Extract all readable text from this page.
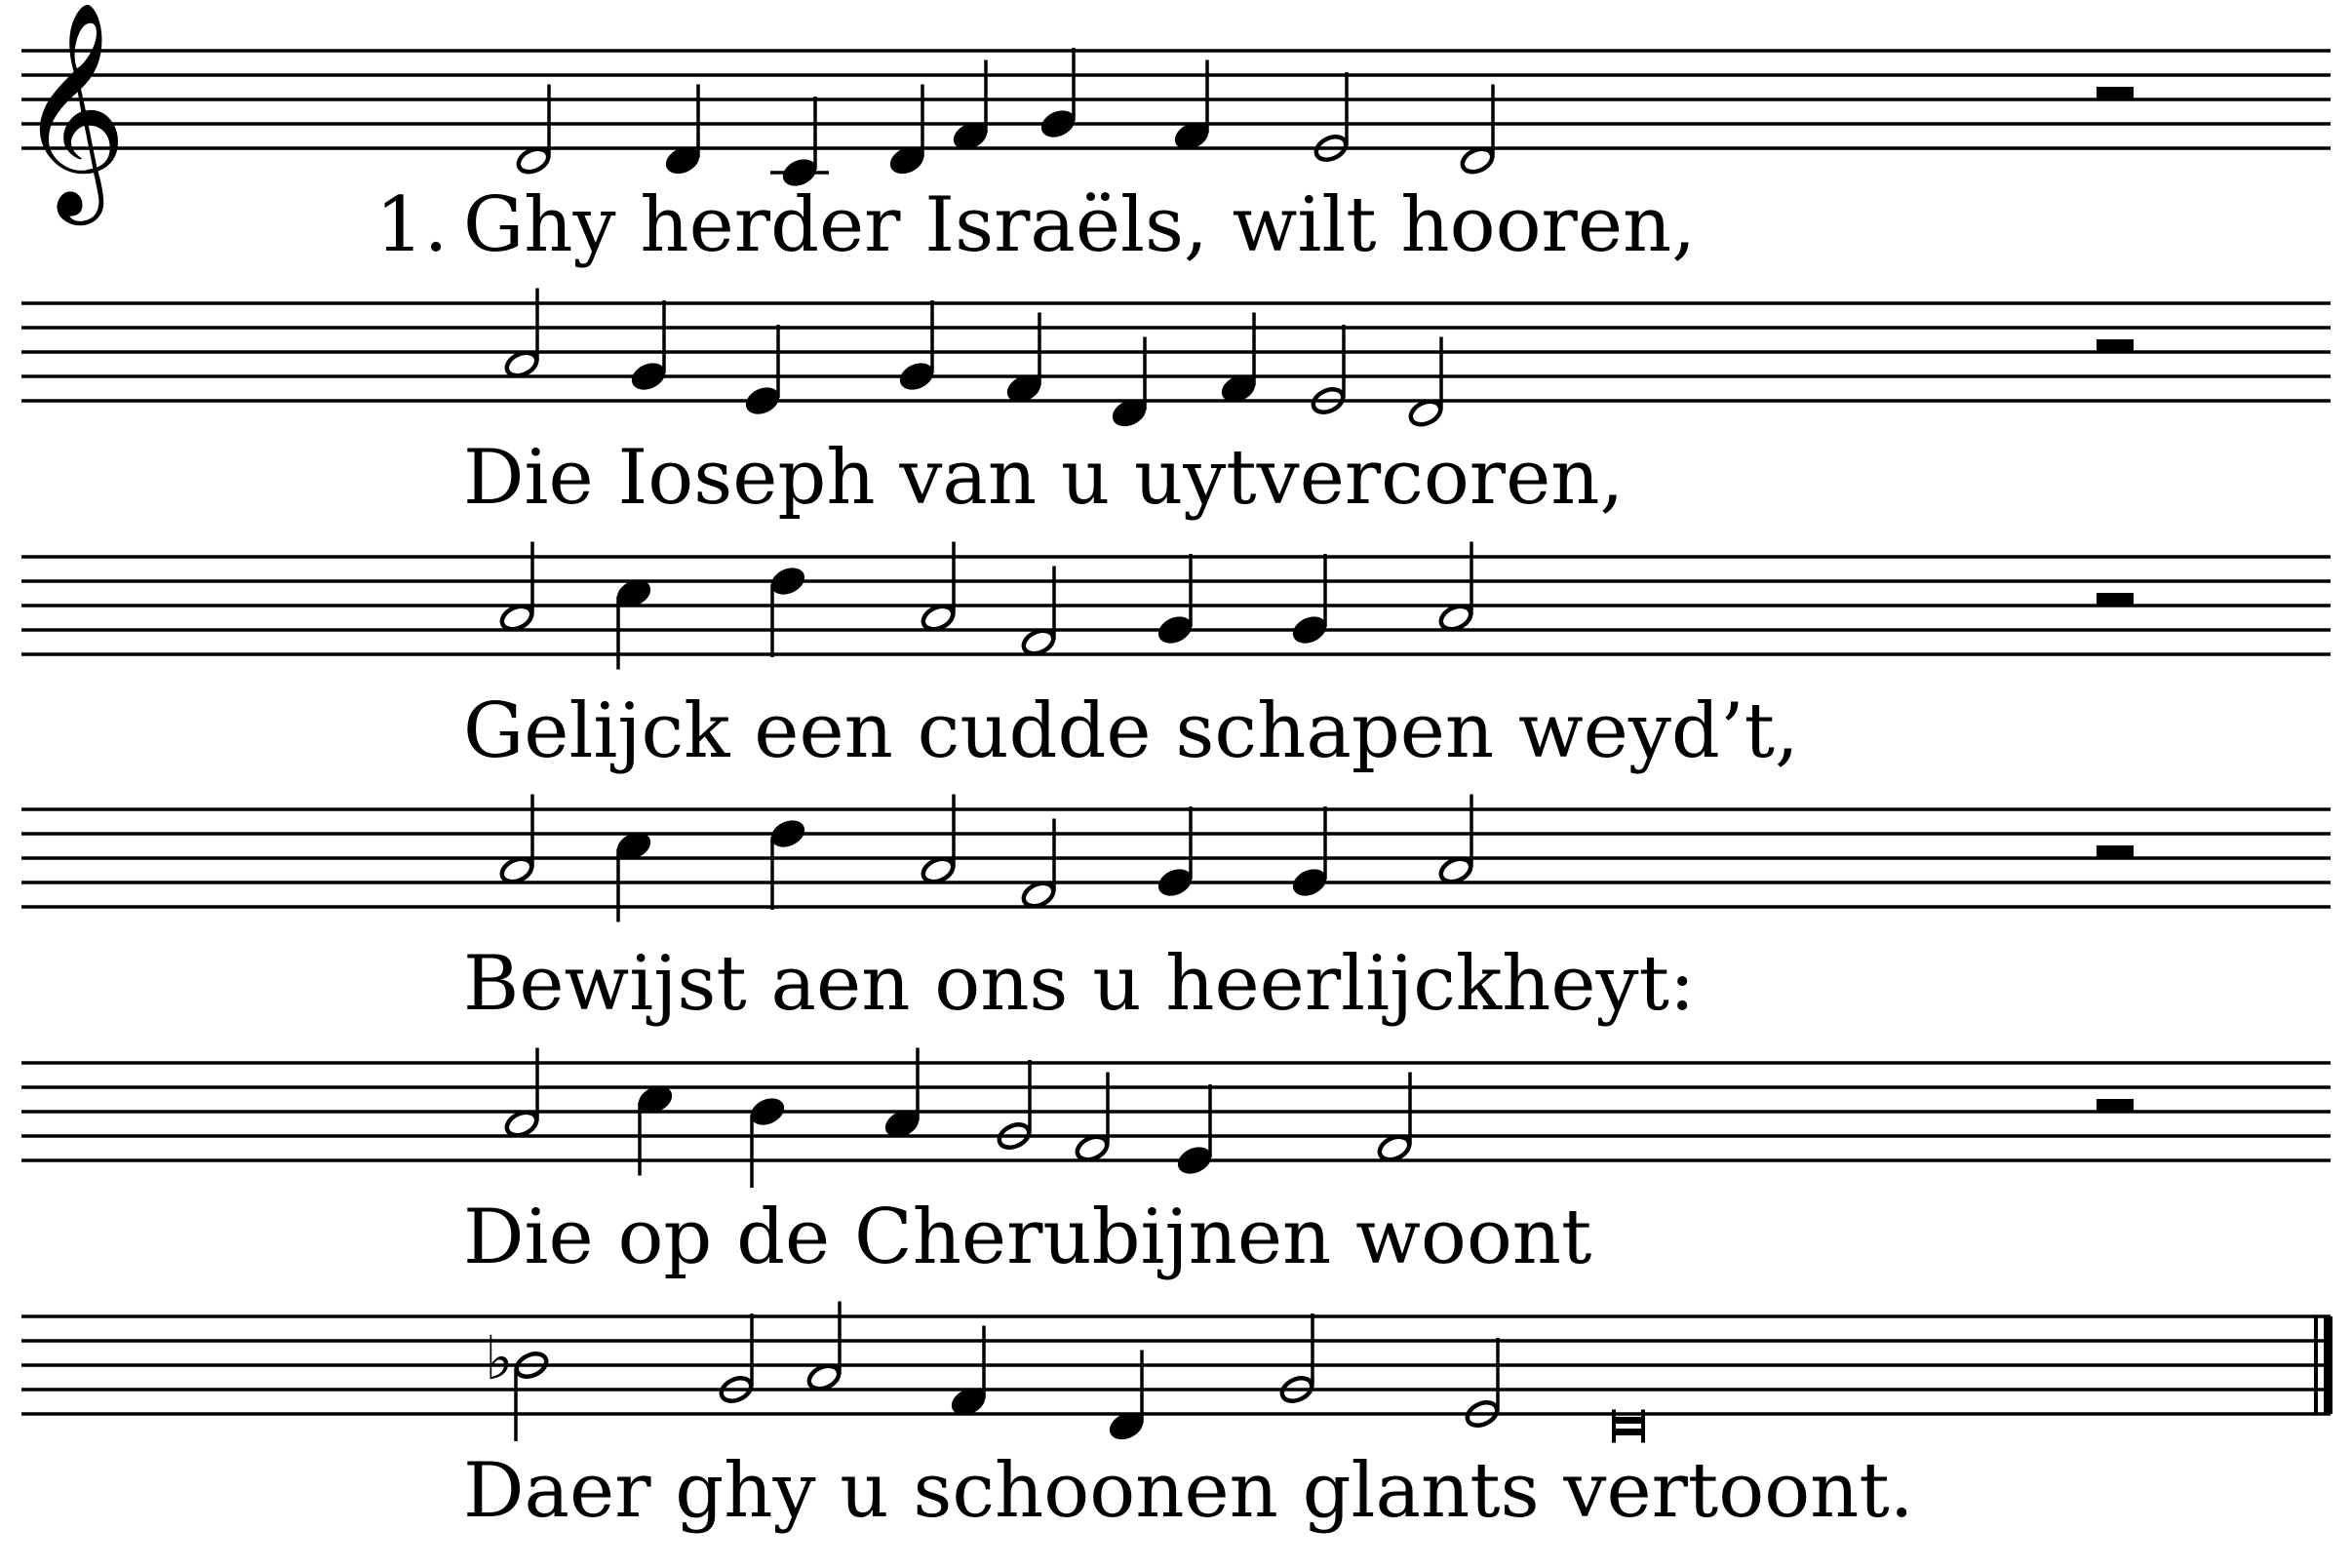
𝄞
1. Ghy herder Israëls, wilt hooren,
Die Ioseph van u uytvercoren,
Gelijck een cudde schapen weyd’t,
Bewijst aen ons u heerlijckheyt:
Die op de Cherubijnen woont
♭
Daer ghy u schoonen glants vertoont.
